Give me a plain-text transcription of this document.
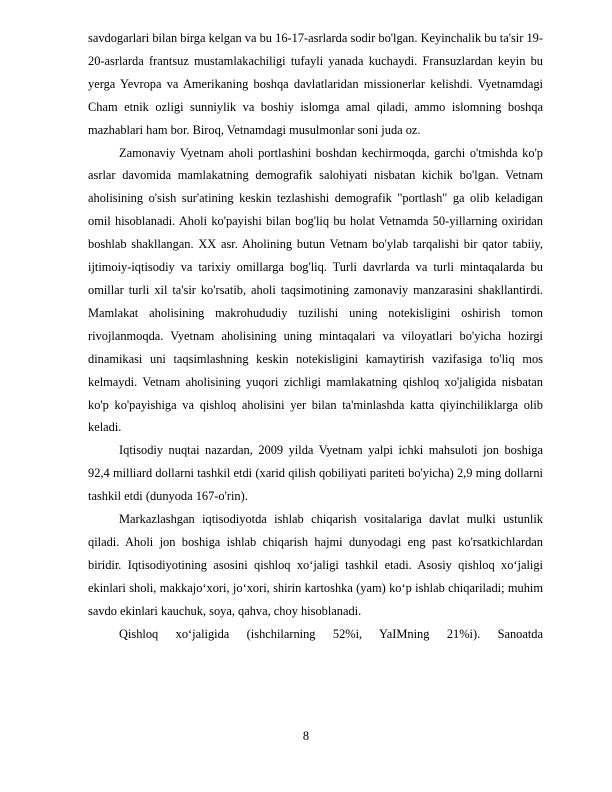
savdogarlari bilan birga kelgan va bu 16-17-asrlarda sodir bo'lgan. Keyinchalik bu ta'sir 19-20-asrlarda frantsuz mustamlakachiligi tufayli yanada kuchaydi. Fransuzlardan keyin bu yerga Yevropa va Amerikaning boshqa davlatlaridan missionerlar kelishdi. Vyetnamdagi Cham etnik ozligi sunniylik va boshiy islomga amal qiladi, ammo islomning boshqa mazhablari ham bor. Biroq, Vetnamdagi musulmonlar soni juda oz.

Zamonaviy Vyetnam aholi portlashini boshdan kechirmoqda, garchi o'tmishda ko'p asrlar davomida mamlakatning demografik salohiyati nisbatan kichik bo'lgan. Vetnam aholisining o'sish sur'atining keskin tezlashishi demografik "portlash" ga olib keladigan omil hisoblanadi. Aholi ko'payishi bilan bog'liq bu holat Vetnamda 50-yillarning oxiridan boshlab shakllangan. XX asr. Aholining butun Vetnam bo'ylab tarqalishi bir qator tabiiy, ijtimoiy-iqtisodiy va tarixiy omillarga bog'liq. Turli davrlarda va turli mintaqalarda bu omillar turli xil ta'sir ko'rsatib, aholi taqsimotining zamonaviy manzarasini shakllantirdi. Mamlakat aholisining makrohududiy tuzilishi uning notekisligini oshirish tomon rivojlanmoqda. Vyetnam aholisining uning mintaqalari va viloyatlari bo'yicha hozirgi dinamikasi uni taqsimlashning keskin notekisligini kamaytirish vazifasiga to'liq mos kelmaydi. Vetnam aholisining yuqori zichligi mamlakatning qishloq xo'jaligida nisbatan ko'p ko'payishiga va qishloq aholisini yer bilan ta'minlashda katta qiyinchiliklarga olib keladi.

Iqtisodiy nuqtai nazardan, 2009 yilda Vyetnam yalpi ichki mahsuloti jon boshiga 92,4 milliard dollarni tashkil etdi (xarid qilish qobiliyati pariteti bo'yicha) 2,9 ming dollarni tashkil etdi (dunyoda 167-o'rin).

Markazlashgan iqtisodiyotda ishlab chiqarish vositalariga davlat mulki ustunlik qiladi. Aholi jon boshiga ishlab chiqarish hajmi dunyodagi eng past ko'rsatkichlardan biridir. Iqtisodiyotining asosini qishloq xo‘jaligi tashkil etadi. Asosiy qishloq xo‘jaligi ekinlari sholi, makkajo‘xori, jo‘xori, shirin kartoshka (yam) ko‘p ishlab chiqariladi; muhim savdo ekinlari kauchuk, soya, qahva, choy hisoblanadi.

Qishloq xo‘jaligida (ishchilarning 52%i, YaIMning 21%i). Sanoatda

8
